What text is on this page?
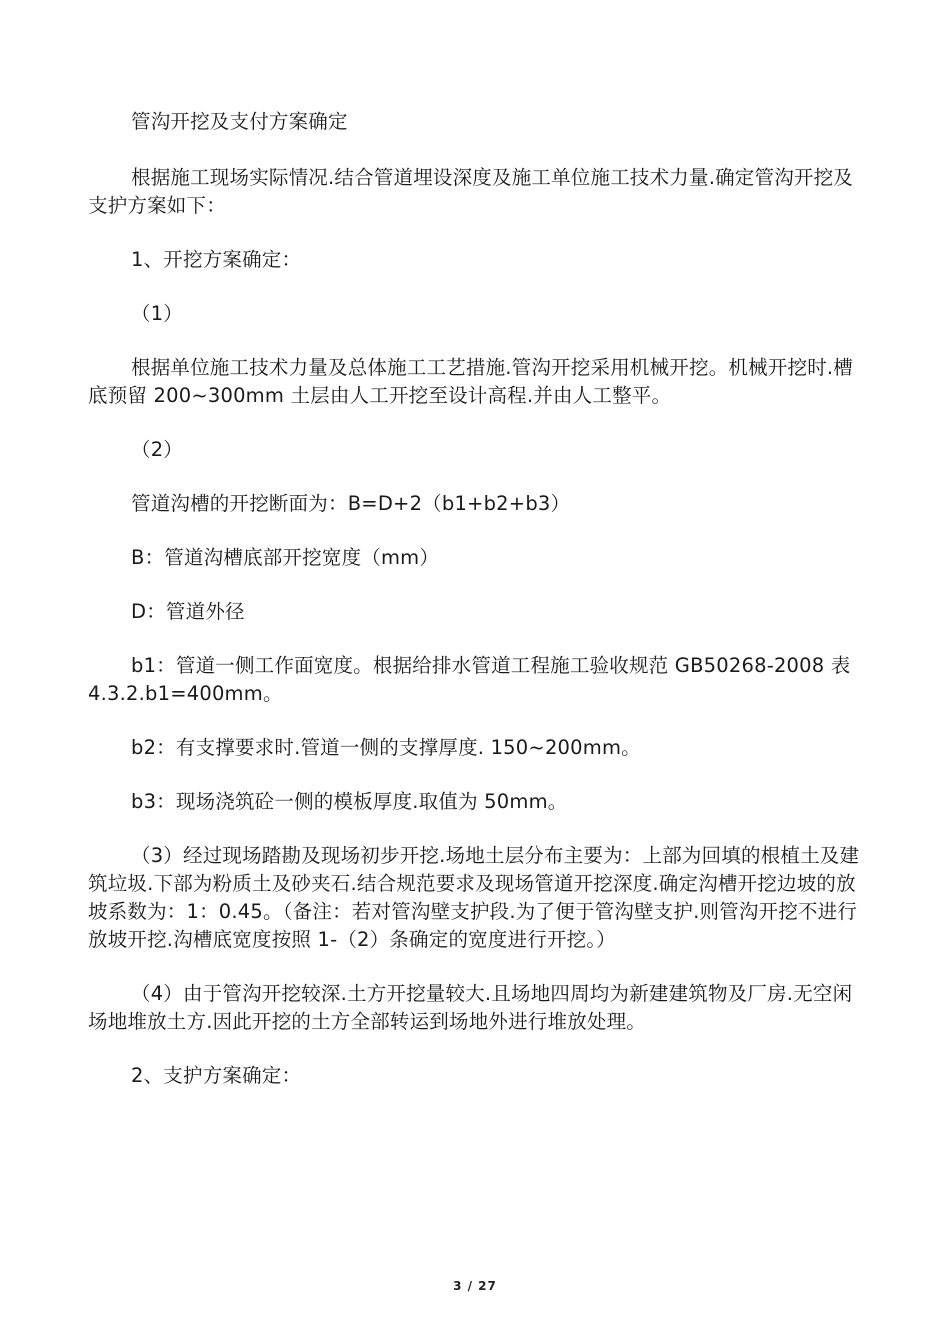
管沟开挖及支付方案确定

根据施工现场实际情况.结合管道埋设深度及施工单位施工技术力量.确定管沟开挖及支护方案如下：

1、开挖方案确定：

（1）

根据单位施工技术力量及总体施工工艺措施.管沟开挖采用机械开挖。机械开挖时.槽底预留 200~300mm 土层由人工开挖至设计高程.并由人工整平。

（2）

管道沟槽的开挖断面为：B=D+2（b1+b2+b3）

B：管道沟槽底部开挖宽度（mm）

D：管道外径

b1：管道一侧工作面宽度。根据给排水管道工程施工验收规范 GB50268-2008 表 4.3.2.b1=400mm。

b2：有支撑要求时.管道一侧的支撑厚度. 150~200mm。

b3：现场浇筑砼一侧的模板厚度.取值为 50mm。

（3）经过现场踏勘及现场初步开挖.场地土层分布主要为：上部为回填的根植土及建筑垃圾.下部为粉质土及砂夹石.结合规范要求及现场管道开挖深度.确定沟槽开挖边坡的放坡系数为：1：0.45。（备注：若对管沟壁支护段.为了便于管沟壁支护.则管沟开挖不进行放坡开挖.沟槽底宽度按照 1-（2）条确定的宽度进行开挖。）

（4）由于管沟开挖较深.土方开挖量较大.且场地四周均为新建建筑物及厂房.无空闲场地堆放土方.因此开挖的土方全部转运到场地外进行堆放处理。

2、支护方案确定：

3 / 27
